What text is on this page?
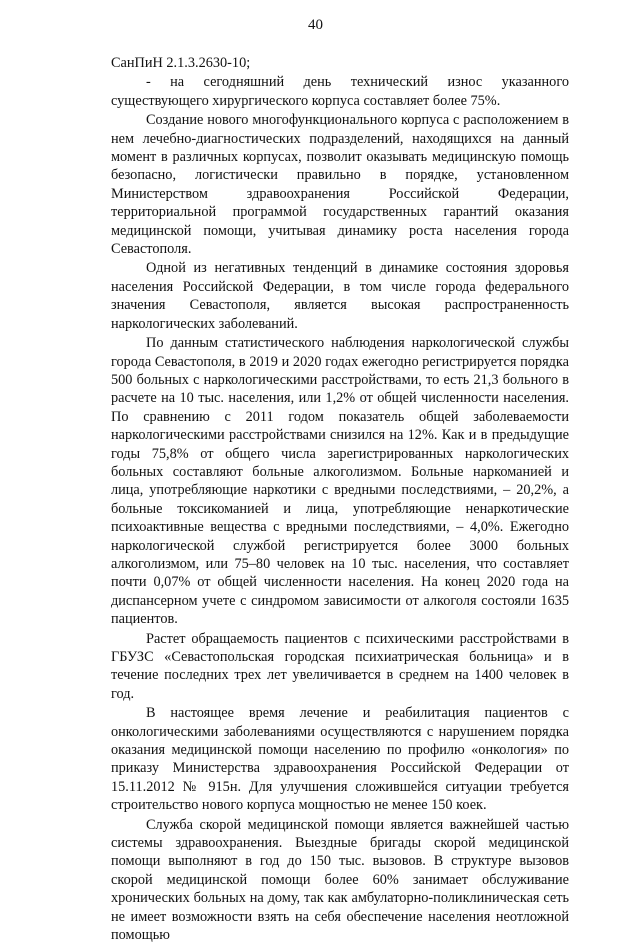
40

СанПиН 2.1.3.2630-10;

- на сегодняшний день технический износ указанного существующего хирургического корпуса составляет более 75%.

Создание нового многофункционального корпуса с расположением в нем лечебно-диагностических подразделений, находящихся на данный момент в различных корпусах, позволит оказывать медицинскую помощь безопасно, логистически правильно в порядке, установленном Министерством здравоохранения Российской Федерации, территориальной программой государственных гарантий оказания медицинской помощи, учитывая динамику роста населения города Севастополя.

Одной из негативных тенденций в динамике состояния здоровья населения Российской Федерации, в том числе города федерального значения Севастополя, является высокая распространенность наркологических заболеваний.

По данным статистического наблюдения наркологической службы города Севастополя, в 2019 и 2020 годах ежегодно регистрируется порядка 500 больных с наркологическими расстройствами, то есть 21,3 больного в расчете на 10 тыс. населения, или 1,2% от общей численности населения. По сравнению с 2011 годом показатель общей заболеваемости наркологическими расстройствами снизился на 12%. Как и в предыдущие годы 75,8% от общего числа зарегистрированных наркологических больных составляют больные алкоголизмом. Больные наркоманией и лица, употребляющие наркотики с вредными последствиями, – 20,2%, а больные токсикоманией и лица, употребляющие ненаркотические психоактивные вещества с вредными последствиями, – 4,0%. Ежегодно наркологической службой регистрируется более 3000 больных алкоголизмом, или 75–80 человек на 10 тыс. населения, что составляет почти 0,07% от общей численности населения. На конец 2020 года на диспансерном учете с синдромом зависимости от алкоголя состояли 1635 пациентов.

Растет обращаемость пациентов с психическими расстройствами в ГБУЗС «Севастопольская городская психиатрическая больница» и в течение последних трех лет увеличивается в среднем на 1400 человек в год.

В настоящее время лечение и реабилитация пациентов с онкологическими заболеваниями осуществляются с нарушением порядка оказания медицинской помощи населению по профилю «онкология» по приказу Министерства здравоохранения Российской Федерации от 15.11.2012 № 915н. Для улучшения сложившейся ситуации требуется строительство нового корпуса мощностью не менее 150 коек.

Служба скорой медицинской помощи является важнейшей частью системы здравоохранения. Выездные бригады скорой медицинской помощи выполняют в год до 150 тыс. вызовов. В структуре вызовов скорой медицинской помощи более 60% занимает обслуживание хронических больных на дому, так как амбулаторно-поликлиническая сеть не имеет возможности взять на себя обеспечение населения неотложной помощью
